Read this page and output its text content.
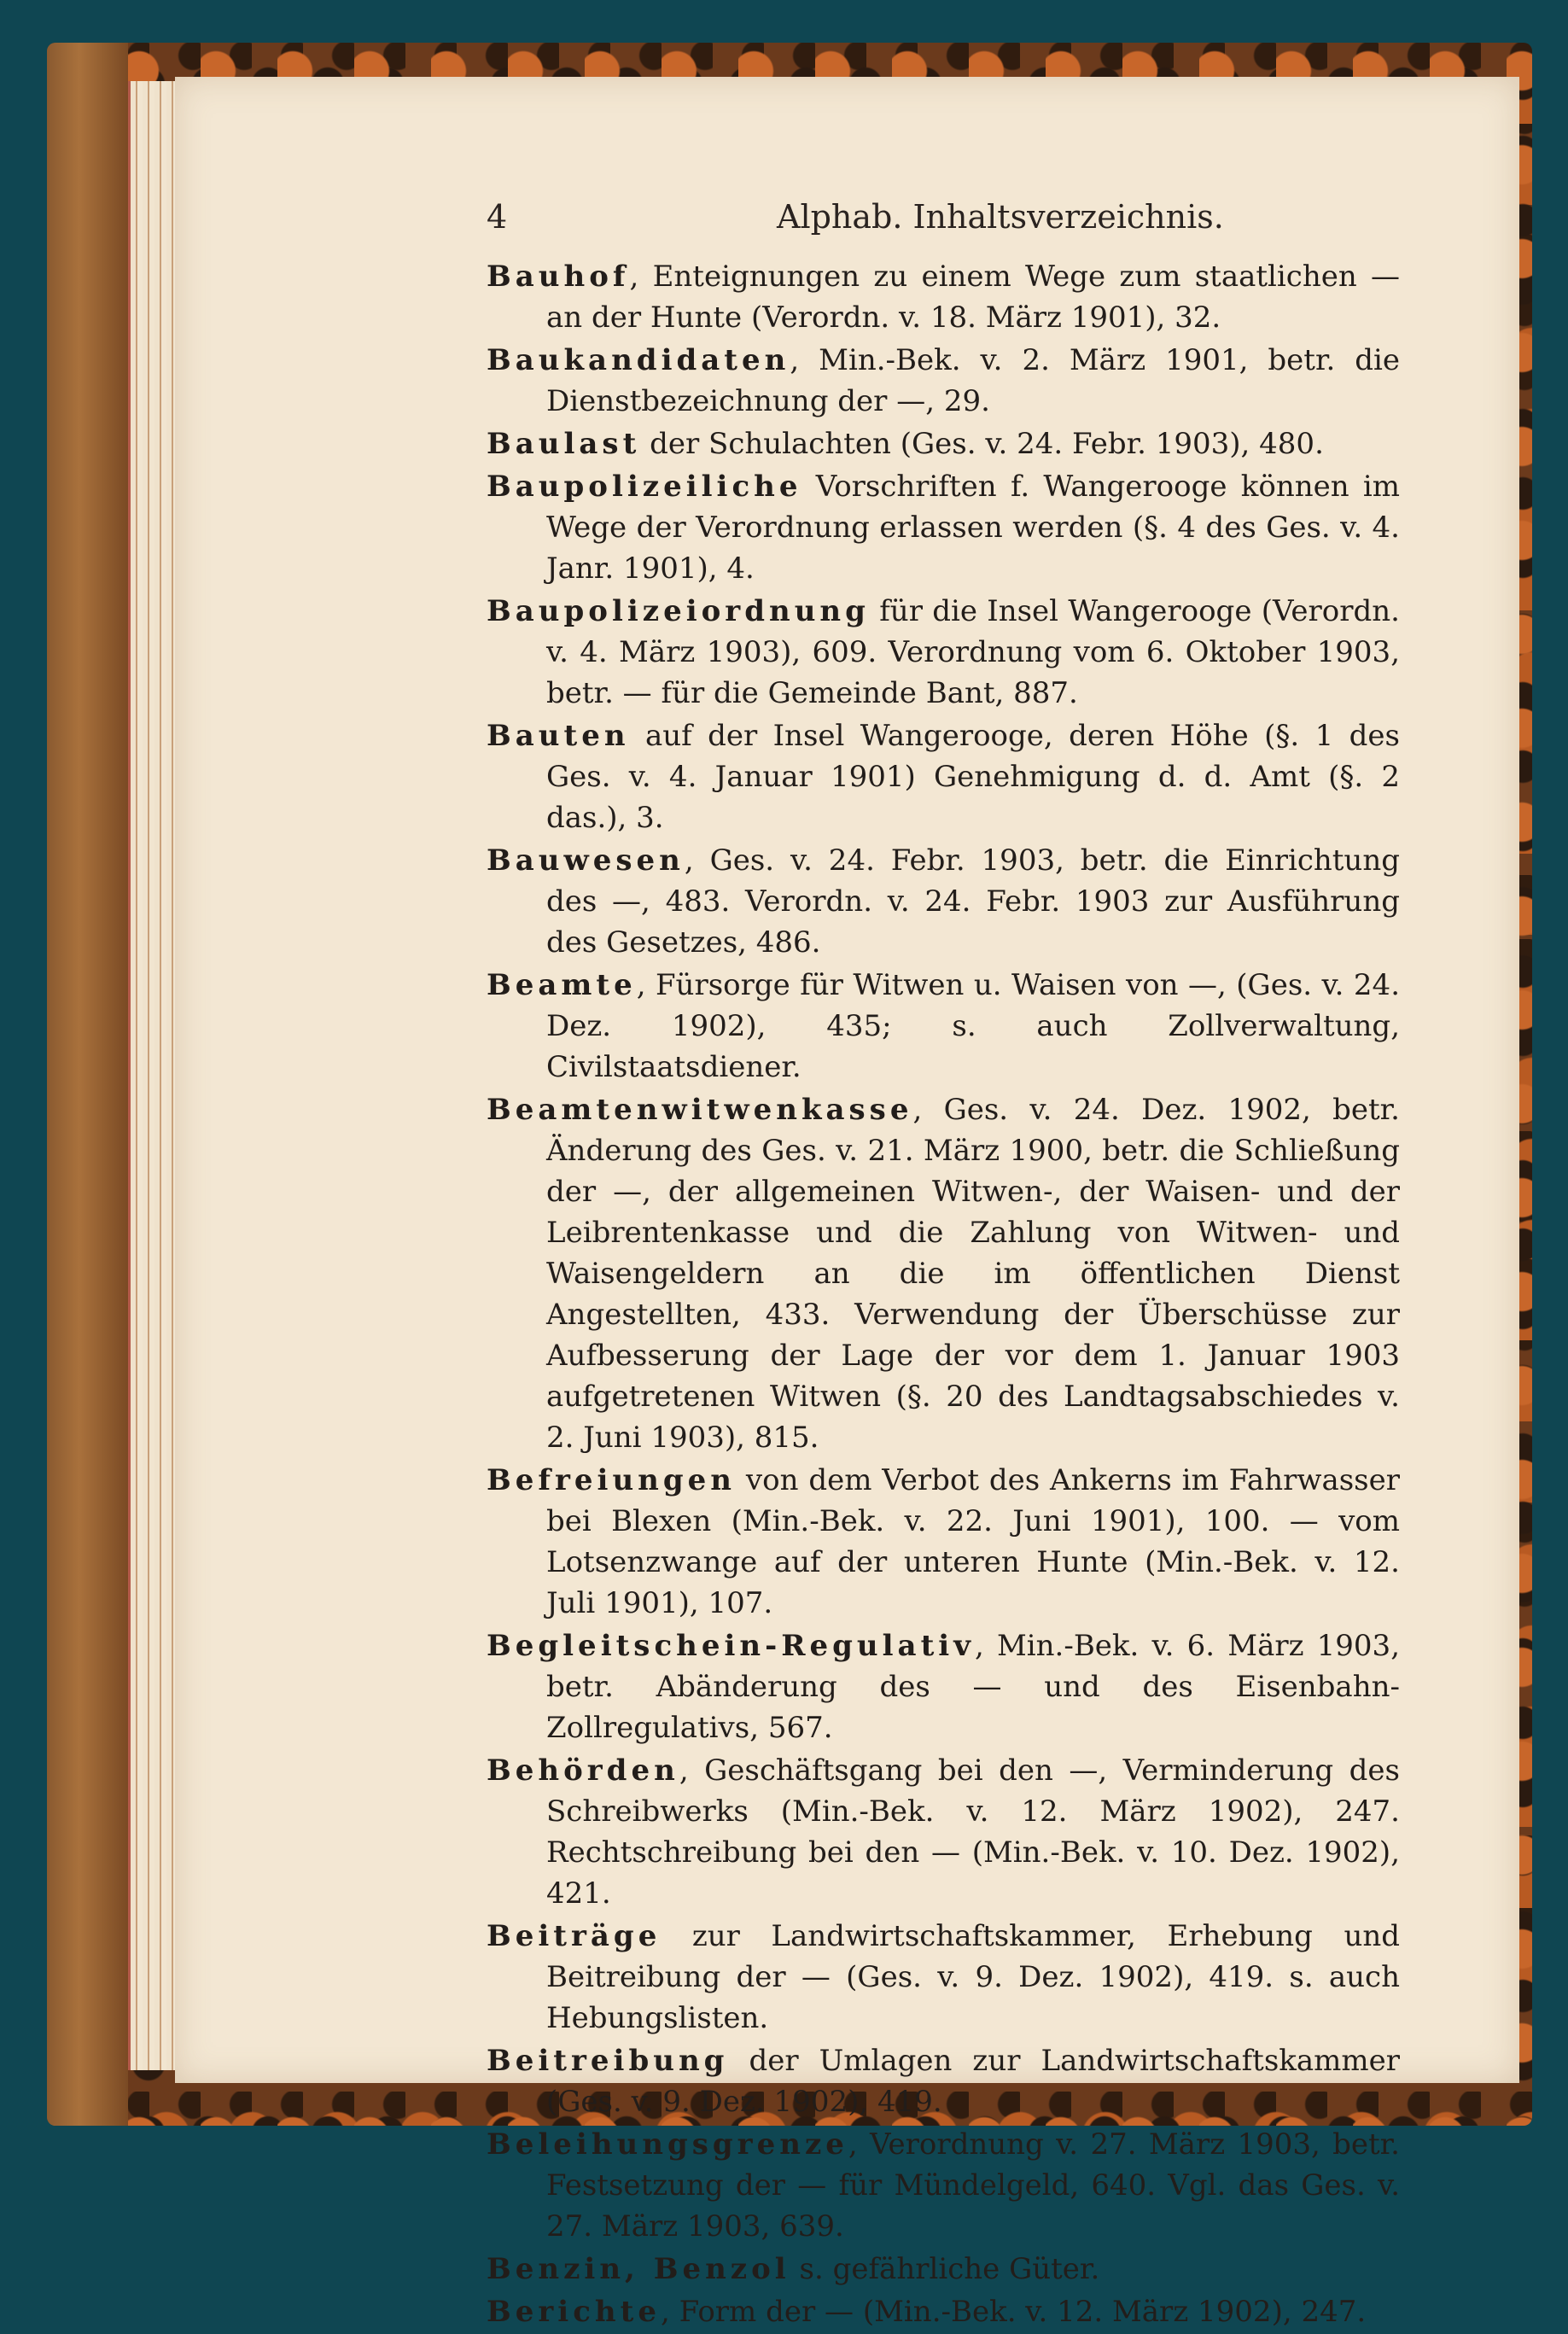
4	Alphab. Inhaltsverzeichnis.

Bauhof, Enteignungen zu einem Wege zum staatlichen — an der Hunte (Verordn. v. 18. März 1901), 32.

Baukandidaten, Min.-Bek. v. 2. März 1901, betr. die Dienstbezeichnung der —, 29.

Baulast der Schulachten (Ges. v. 24. Febr. 1903), 480.

Baupolizeiliche Vorschriften f. Wangerooge können im Wege der Verordnung erlassen werden (§. 4 des Ges. v. 4. Janr. 1901), 4.

Baupolizeiordnung für die Insel Wangerooge (Verordn. v. 4. März 1903), 609. Verordnung vom 6. Oktober 1903, betr. — für die Gemeinde Bant, 887.

Bauten auf der Insel Wangerooge, deren Höhe (§. 1 des Ges. v. 4. Januar 1901) Genehmigung d. d. Amt (§. 2 das.), 3.

Bauwesen, Ges. v. 24. Febr. 1903, betr. die Einrichtung des —, 483. Verordn. v. 24. Febr. 1903 zur Ausführung des Gesetzes, 486.

Beamte, Fürsorge für Witwen u. Waisen von —, (Ges. v. 24. Dez. 1902), 435; s. auch Zollverwaltung, Civilstaatsdiener.

Beamtenwitwenkasse, Ges. v. 24. Dez. 1902, betr. Änderung des Ges. v. 21. März 1900, betr. die Schließung der —, der allgemeinen Witwen-, der Waisen- und der Leibrentenkasse und die Zahlung von Witwen- und Waisengeldern an die im öffentlichen Dienst Angestellten, 433. Verwendung der Überschüsse zur Aufbesserung der Lage der vor dem 1. Januar 1903 aufgetretenen Witwen (§. 20 des Landtagsabschiedes v. 2. Juni 1903), 815.

Befreiungen von dem Verbot des Ankerns im Fahrwasser bei Blexen (Min.-Bek. v. 22. Juni 1901), 100. — vom Lotsenzwange auf der unteren Hunte (Min.-Bek. v. 12. Juli 1901), 107.

Begleitschein-Regulativ, Min.-Bek. v. 6. März 1903, betr. Abänderung des — und des Eisenbahn-Zollregulativs, 567.

Behörden, Geschäftsgang bei den —, Verminderung des Schreibwerks (Min.-Bek. v. 12. März 1902), 247. Rechtschreibung bei den — (Min.-Bek. v. 10. Dez. 1902), 421.

Beiträge zur Landwirtschaftskammer, Erhebung und Beitreibung der — (Ges. v. 9. Dez. 1902), 419. s. auch Hebungslisten.

Beitreibung der Umlagen zur Landwirtschaftskammer (Ges. v. 9. Dez. 1902), 419.

Beleihungsgrenze, Verordnung v. 27. März 1903, betr. Festsetzung der — für Mündelgeld, 640. Vgl. das Ges. v. 27. März 1903, 639.

Benzin, Benzol s. gefährliche Güter.

Berichte, Form der — (Min.-Bek. v. 12. März 1902), 247.
